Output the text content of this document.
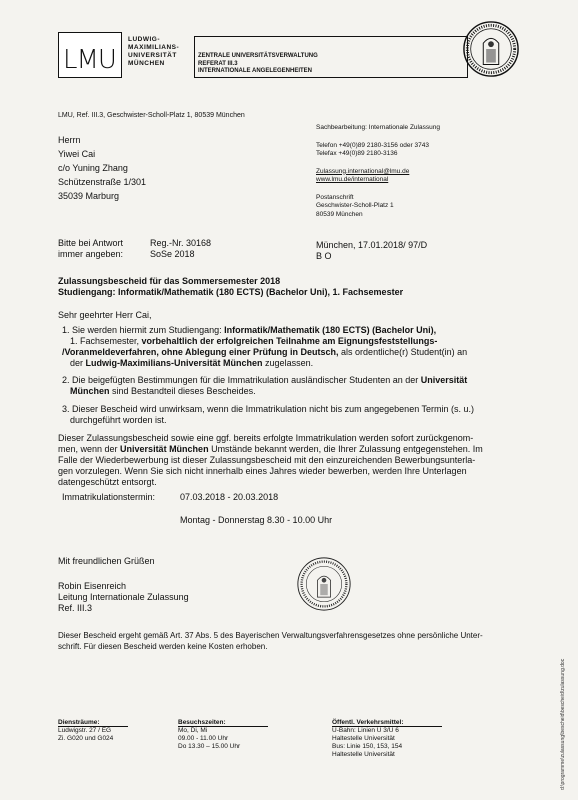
LMU
LUDWIG-
MAXIMILIANS-
UNIVERSITÄT
MÜNCHEN
ZENTRALE UNIVERSITÄTSVERWALTUNG
REFERAT III.3
INTERNATIONALE ANGELEGENHEITEN
LMU, Ref. III.3, Geschwister-Scholl-Platz 1, 80539 München
Herrn
Yiwei Cai
c/o Yuning Zhang
Schützenstraße 1/301
35039 Marburg
Sachbearbeitung: Internationale Zulassung
Telefon +49(0)89 2180-3156 oder 3743
Telefax +49(0)89 2180-3136
Zulassung.international@lmu.de
www.lmu.de/international
Postanschrift
Geschwister-Scholl-Platz 1
80539 München
Bitte bei Antwort
immer angeben:
Reg.-Nr. 30168
SoSe 2018
München, 17.01.2018/ 97/D
B O
Zulassungsbescheid für das Sommersemester 2018
Studiengang: Informatik/Mathematik (180 ECTS) (Bachelor Uni), 1. Fachsemester
Sehr geehrter Herr Cai,
1. Sie werden hiermit zum Studiengang: Informatik/Mathematik (180 ECTS) (Bachelor Uni),
1. Fachsemester, vorbehaltlich der erfolgreichen Teilnahme am Eignungsfeststellungs-
/Voranmeldeverfahren, ohne Ablegung einer Prüfung in Deutsch, als ordentliche(r) Student(in) an
der Ludwig-Maximilians-Universität München zugelassen.
2. Die beigefügten Bestimmungen für die Immatrikulation ausländischer Studenten an der Universität
München sind Bestandteil dieses Bescheides.
3. Dieser Bescheid wird unwirksam, wenn die Immatrikulation nicht bis zum angegebenen Termin (s. u.)
durchgeführt worden ist.
Dieser Zulassungsbescheid sowie eine ggf. bereits erfolgte Immatrikulation werden sofort zurückgenom-
men, wenn der Universität München Umstände bekannt werden, die Ihrer Zulassung entgegenstehen. Im
Falle der Wiederbewerbung ist dieser Zulassungsbescheid mit den einzureichenden Bewerbungsunterla-
gen vorzulegen. Wenn Sie sich nicht innerhalb eines Jahres wieder bewerben, werden Ihre Unterlagen
datengeschützt entsorgt.
Immatrikulationstermin:	07.03.2018 - 20.03.2018
Montag - Donnerstag 8.30 - 10.00 Uhr
Mit freundlichen Grüßen
Robin Eisenreich
Leitung Internationale Zulassung
Ref. III.3
Dieser Bescheid ergeht gemäß Art. 37 Abs. 5 des Bayerischen Verwaltungsverfahrensgesetzes ohne persönliche Unter-
schrift. Für diesen Bescheid werden keine Kosten erhoben.
d:\programme\zulassung\bescheid\bescheid\zulassung.doc
Diensträume:
Ludwigstr. 27 / EG
Zi. G020 und G024
Besuchszeiten:
Mo, Di, Mi
09.00 - 11.00 Uhr
Do 13.30 – 15.00 Uhr
Öffentl. Verkehrsmittel:
U-Bahn: Linien U 3/U 6
Haltestelle Universität
Bus: Linie 150, 153, 154
Haltestelle Universität
